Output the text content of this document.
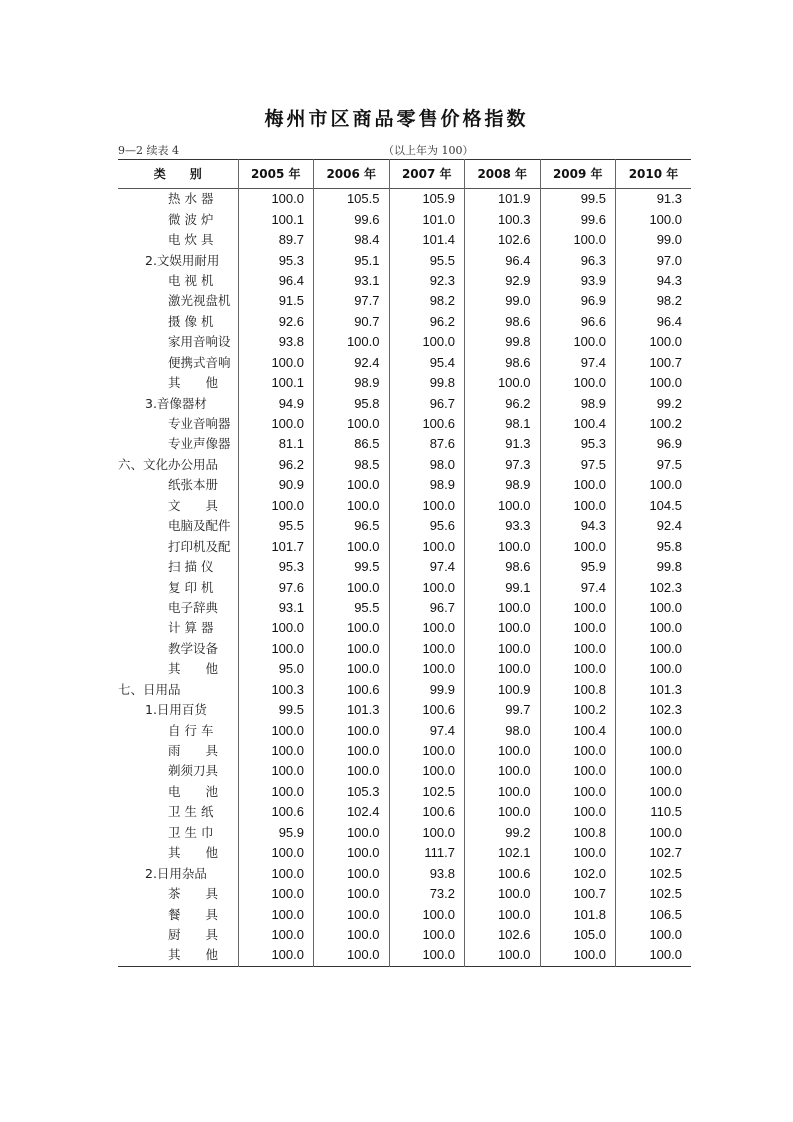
梅州市区商品零售价格指数
9—2 续表 4	（以上年为 100）
类　　别	2005 年	2006 年	2007 年	2008 年	2009 年	2010 年
热 水 器	100.0	105.5	105.9	101.9	99.5	91.3
微 波 炉	100.1	99.6	101.0	100.3	99.6	100.0
电 炊 具	89.7	98.4	101.4	102.6	100.0	99.0
2.文娱用耐用	95.3	95.1	95.5	96.4	96.3	97.0
电 视 机	96.4	93.1	92.3	92.9	93.9	94.3
激光视盘机	91.5	97.7	98.2	99.0	96.9	98.2
摄 像 机	92.6	90.7	96.2	98.6	96.6	96.4
家用音响设	93.8	100.0	100.0	99.8	100.0	100.0
便携式音响	100.0	92.4	95.4	98.6	97.4	100.7
其　　他	100.1	98.9	99.8	100.0	100.0	100.0
3.音像器材	94.9	95.8	96.7	96.2	98.9	99.2
专业音响器	100.0	100.0	100.6	98.1	100.4	100.2
专业声像器	81.1	86.5	87.6	91.3	95.3	96.9
六、文化办公用品	96.2	98.5	98.0	97.3	97.5	97.5
纸张本册	90.9	100.0	98.9	98.9	100.0	100.0
文　　具	100.0	100.0	100.0	100.0	100.0	104.5
电脑及配件	95.5	96.5	95.6	93.3	94.3	92.4
打印机及配	101.7	100.0	100.0	100.0	100.0	95.8
扫 描 仪	95.3	99.5	97.4	98.6	95.9	99.8
复 印 机	97.6	100.0	100.0	99.1	97.4	102.3
电子辞典	93.1	95.5	96.7	100.0	100.0	100.0
计 算 器	100.0	100.0	100.0	100.0	100.0	100.0
教学设备	100.0	100.0	100.0	100.0	100.0	100.0
其　　他	95.0	100.0	100.0	100.0	100.0	100.0
七、日用品	100.3	100.6	99.9	100.9	100.8	101.3
1.日用百货	99.5	101.3	100.6	99.7	100.2	102.3
自 行 车	100.0	100.0	97.4	98.0	100.4	100.0
雨　　具	100.0	100.0	100.0	100.0	100.0	100.0
剃须刀具	100.0	100.0	100.0	100.0	100.0	100.0
电　　池	100.0	105.3	102.5	100.0	100.0	100.0
卫 生 纸	100.6	102.4	100.6	100.0	100.0	110.5
卫 生 巾	95.9	100.0	100.0	99.2	100.8	100.0
其　　他	100.0	100.0	111.7	102.1	100.0	102.7
2.日用杂品	100.0	100.0	93.8	100.6	102.0	102.5
茶　　具	100.0	100.0	73.2	100.0	100.7	102.5
餐　　具	100.0	100.0	100.0	100.0	101.8	106.5
厨　　具	100.0	100.0	100.0	102.6	105.0	100.0
其　　他	100.0	100.0	100.0	100.0	100.0	100.0
